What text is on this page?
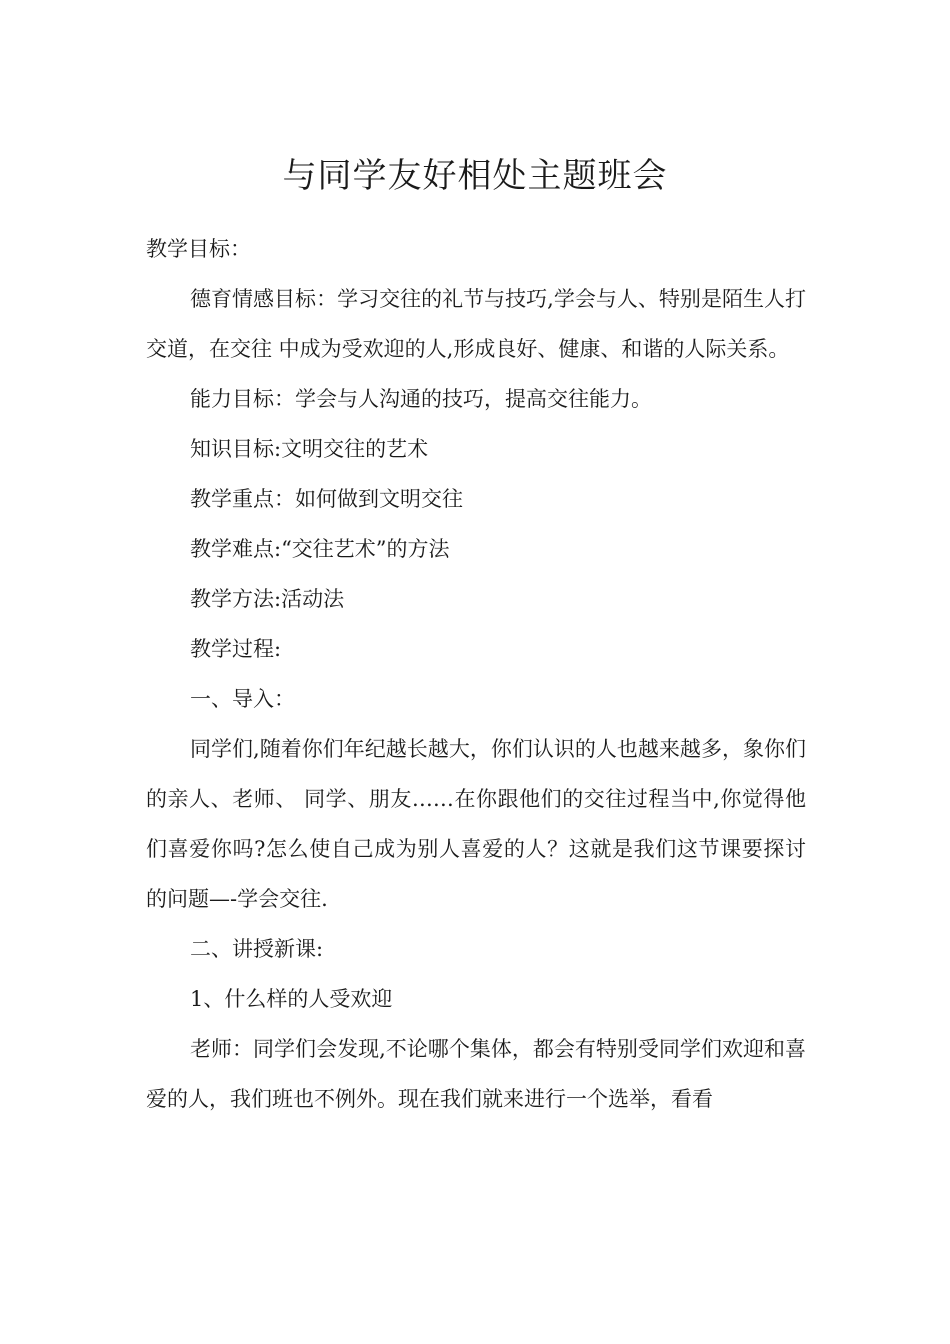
与同学友好相处主题班会

教学目标：

德育情感目标：学习交往的礼节与技巧,学会与人、特别是陌生人打交道，在交往 中成为受欢迎的人,形成良好、健康、和谐的人际关系。

能力目标：学会与人沟通的技巧，提高交往能力。

知识目标:文明交往的艺术

教学重点：如何做到文明交往

教学难点:“交往艺术”的方法

教学方法:活动法

教学过程:

一、导入：

同学们,随着你们年纪越长越大，你们认识的人也越来越多，象你们的亲人、老师、 同学、朋友……在你跟他们的交往过程当中,你觉得他们喜爱你吗?怎么使自己成为别人喜爱的人？这就是我们这节课要探讨的问题—-学会交往.

二、讲授新课:

1、什么样的人受欢迎

老师：同学们会发现,不论哪个集体，都会有特别受同学们欢迎和喜爱的人，我们班也不例外。现在我们就来进行一个选举，看看
